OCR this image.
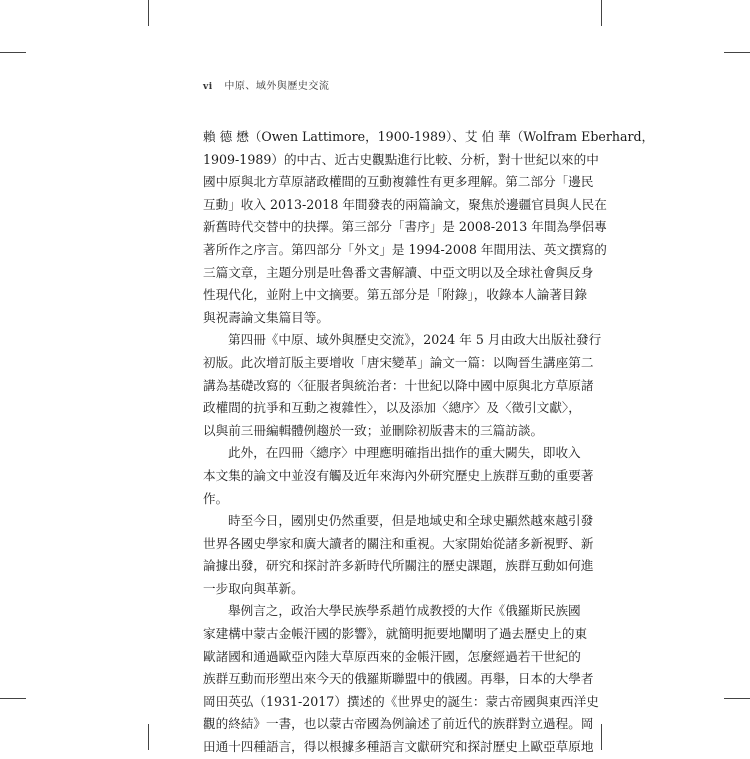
vi 中原、域外與歷史交流
賴 德 懋（Owen Lattimore，1900-1989）、艾 伯 華（Wolfram Eberhard，
1909-1989）的中古、近古史觀點進行比較、分析，對十世紀以來的中
國中原與北方草原諸政權間的互動複雜性有更多理解。第二部分「邊民
互動」收入 2013-2018 年間發表的兩篇論文，聚焦於邊疆官員與人民在
新舊時代交替中的抉擇。第三部分「書序」是 2008-2013 年間為學侶專
著所作之序言。第四部分「外文」是 1994-2008 年間用法、英文撰寫的
三篇文章，主題分別是吐魯番文書解讀、中亞文明以及全球社會與反身
性現代化，並附上中文摘要。第五部分是「附錄」，收錄本人論著目錄
與祝壽論文集篇目等。
第四冊《中原、域外與歷史交流》，2024 年 5 月由政大出版社發行
初版。此次增訂版主要增收「唐宋變革」論文一篇：以陶晉生講座第二
講為基礎改寫的〈征服者與統治者：十世紀以降中國中原與北方草原諸
政權間的抗爭和互動之複雜性〉，以及添加〈總序〉及〈徵引文獻〉，
以與前三冊編輯體例趨於一致；並刪除初版書末的三篇訪談。
此外，在四冊〈總序〉中理應明確指出拙作的重大闕失，即收入
本文集的論文中並沒有觸及近年來海內外研究歷史上族群互動的重要著
作。
時至今日，國別史仍然重要，但是地域史和全球史顯然越來越引發
世界各國史學家和廣大讀者的關注和重視。大家開始從諸多新視野、新
論據出發，研究和探討許多新時代所關注的歷史課題，族群互動如何進
一步取向與革新。
舉例言之，政治大學民族學系趙竹成教授的大作《俄羅斯民族國
家建構中蒙古金帳汗國的影響》，就簡明扼要地闡明了過去歷史上的東
歐諸國和通過歐亞內陸大草原西來的金帳汗國，怎麼經過若干世紀的
族群互動而形塑出來今天的俄羅斯聯盟中的俄國。再舉，日本的大學者
岡田英弘（1931-2017）撰述的《世界史的誕生：蒙古帝國與東西洋史
觀的終結》一書，也以蒙古帝國為例論述了前近代的族群對立過程。岡
田通十四種語言，得以根據多種語言文獻研究和探討歷史上歐亞草原地
